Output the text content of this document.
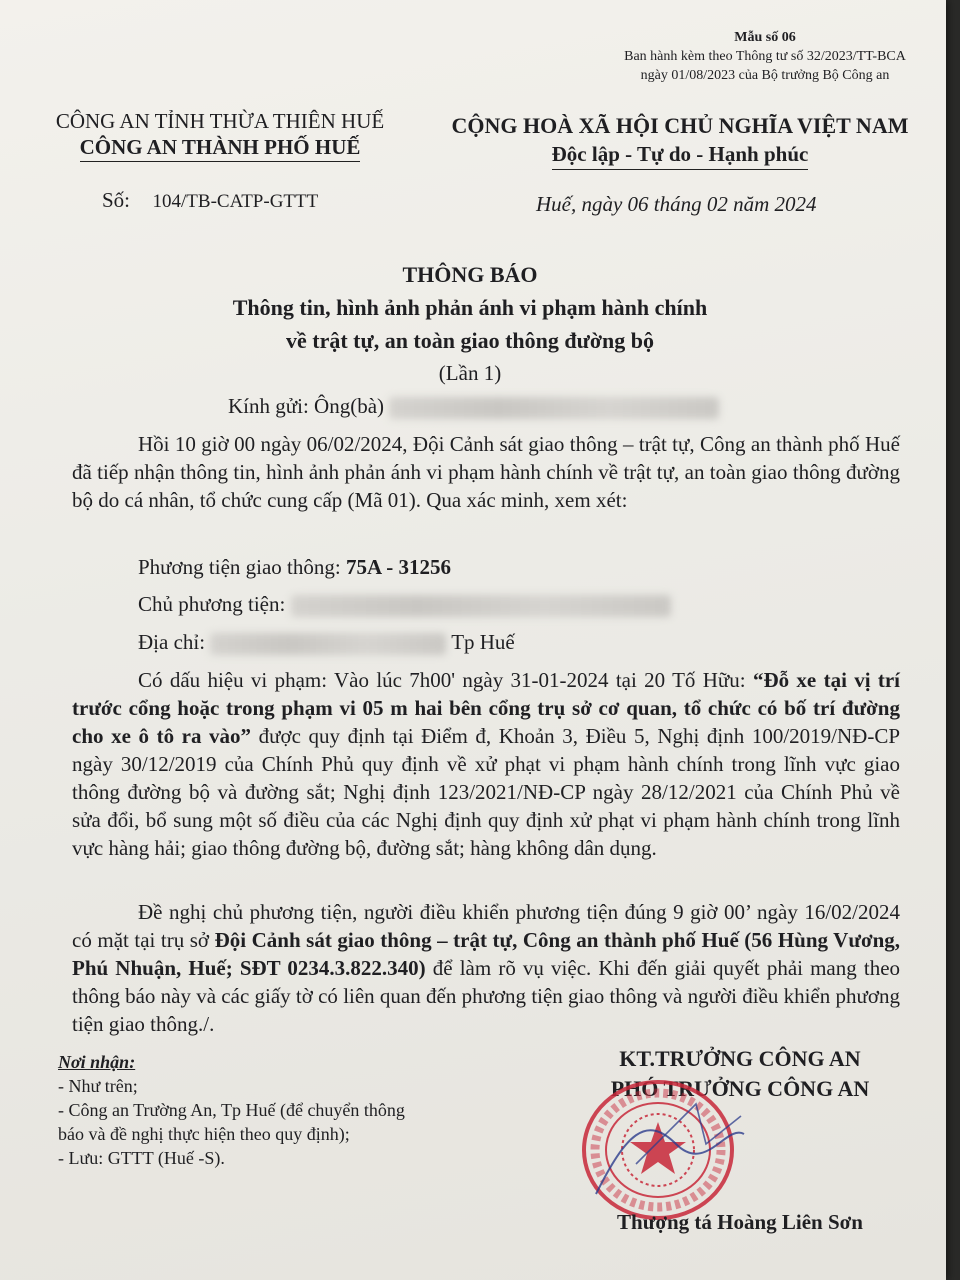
Mẫu số 06
Ban hành kèm theo Thông tư số 32/2023/TT-BCA
ngày 01/08/2023 của Bộ trưởng Bộ Công an
CÔNG AN TỈNH THỪA THIÊN HUẾ
CÔNG AN THÀNH PHỐ HUẾ
Số: 104/TB-CATP-GTTT
CỘNG HOÀ XÃ HỘI CHỦ NGHĨA VIỆT NAM
Độc lập - Tự do - Hạnh phúc
Huế, ngày 06 tháng 02 năm 2024
THÔNG BÁO
Thông tin, hình ảnh phản ánh vi phạm hành chính
về trật tự, an toàn giao thông đường bộ
(Lần 1)
Kính gửi: Ông(bà)
Hồi 10 giờ 00 ngày 06/02/2024, Đội Cảnh sát giao thông – trật tự, Công an thành phố Huế đã tiếp nhận thông tin, hình ảnh phản ánh vi phạm hành chính về trật tự, an toàn giao thông đường bộ do cá nhân, tổ chức cung cấp (Mã 01). Qua xác minh, xem xét:
Phương tiện giao thông: 75A - 31256
Chủ phương tiện:
Địa chỉ:	Tp Huế
Có dấu hiệu vi phạm: Vào lúc 7h00' ngày 31-01-2024 tại 20 Tố Hữu: “Đỗ xe tại vị trí trước cổng hoặc trong phạm vi 05 m hai bên cổng trụ sở cơ quan, tổ chức có bố trí đường cho xe ô tô ra vào” được quy định tại Điểm đ, Khoản 3, Điều 5, Nghị định 100/2019/NĐ-CP ngày 30/12/2019 của Chính Phủ quy định về xử phạt vi phạm hành chính trong lĩnh vực giao thông đường bộ và đường sắt; Nghị định 123/2021/NĐ-CP ngày 28/12/2021 của Chính Phủ về sửa đổi, bổ sung một số điều của các Nghị định quy định xử phạt vi phạm hành chính trong lĩnh vực hàng hải; giao thông đường bộ, đường sắt; hàng không dân dụng.
Đề nghị chủ phương tiện, người điều khiển phương tiện đúng 9 giờ 00’ ngày 16/02/2024 có mặt tại trụ sở Đội Cảnh sát giao thông – trật tự, Công an thành phố Huế (56 Hùng Vương, Phú Nhuận, Huế; SĐT 0234.3.822.340) để làm rõ vụ việc. Khi đến giải quyết phải mang theo thông báo này và các giấy tờ có liên quan đến phương tiện giao thông và người điều khiển phương tiện giao thông./.
Nơi nhận:
- Như trên;
- Công an Trường An, Tp Huế (để chuyển thông
báo và đề nghị thực hiện theo quy định);
- Lưu: GTTT (Huế -S).
KT.TRƯỞNG CÔNG AN
PHÓ TRƯỞNG CÔNG AN
Thượng tá Hoàng Liên Sơn
